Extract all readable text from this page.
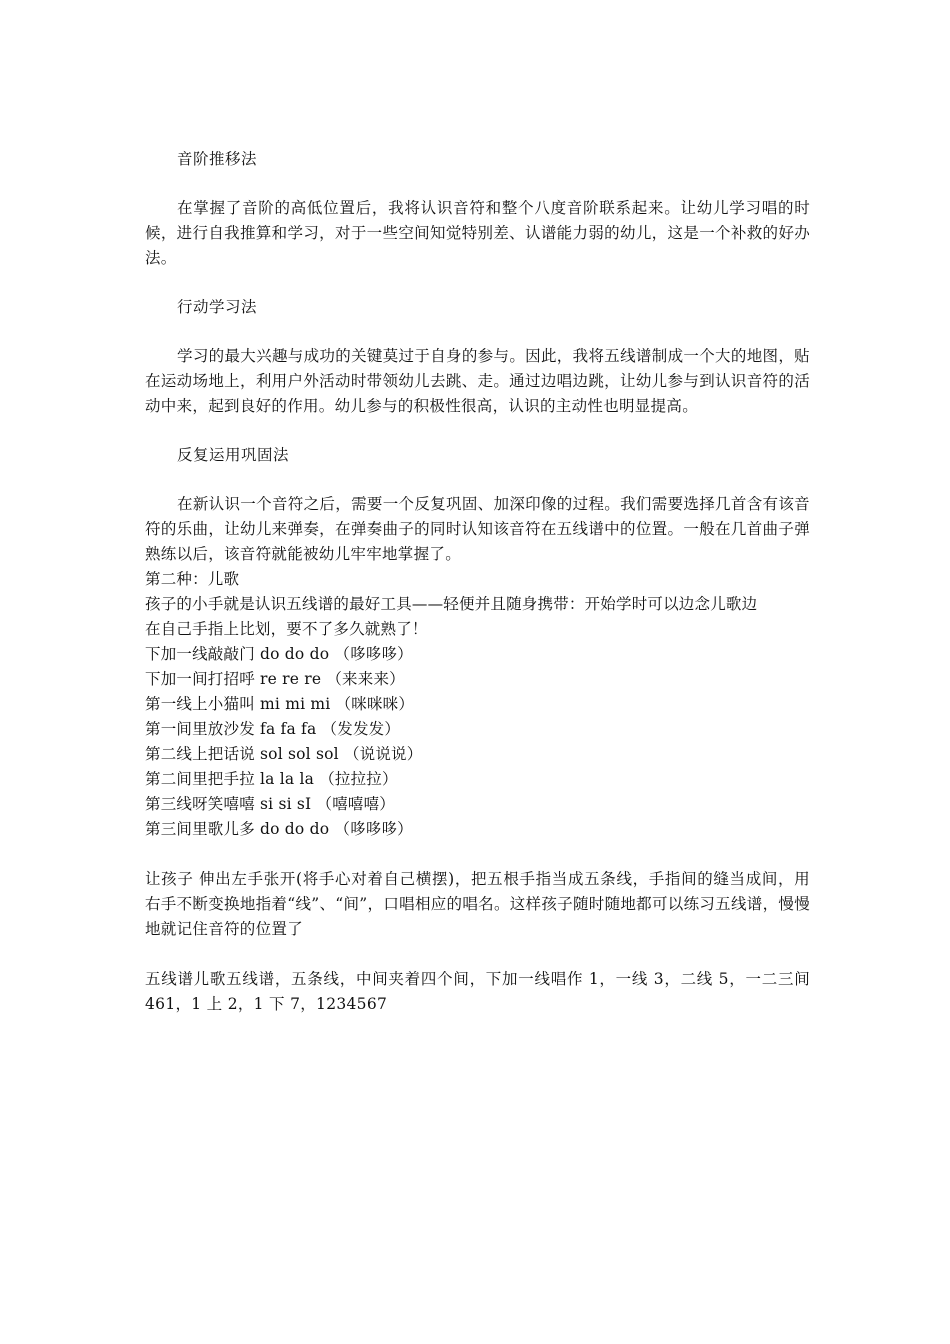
音阶推移法

在掌握了音阶的高低位置后，我将认识音符和整个八度音阶联系起来。让幼儿学习唱的时候，进行自我推算和学习，对于一些空间知觉特别差、认谱能力弱的幼儿，这是一个补救的好办法。

行动学习法

学习的最大兴趣与成功的关键莫过于自身的参与。因此，我将五线谱制成一个大的地图，贴在运动场地上，利用户外活动时带领幼儿去跳、走。通过边唱边跳，让幼儿参与到认识音符的活动中来，起到良好的作用。幼儿参与的积极性很高，认识的主动性也明显提高。

反复运用巩固法

在新认识一个音符之后，需要一个反复巩固、加深印像的过程。我们需要选择几首含有该音符的乐曲，让幼儿来弹奏，在弹奏曲子的同时认知该音符在五线谱中的位置。一般在几首曲子弹熟练以后，该音符就能被幼儿牢牢地掌握了。

第二种：儿歌

孩子的小手就是认识五线谱的最好工具——轻便并且随身携带：开始学时可以边念儿歌边

在自己手指上比划，要不了多久就熟了！

下加一线敲敲门 do do do （哆哆哆）

下加一间打招呼 re re re （来来来）

第一线上小猫叫 mi mi mi （咪咪咪）

第一间里放沙发 fa fa fa （发发发）

第二线上把话说 sol sol sol （说说说）

第二间里把手拉 la la la （拉拉拉）

第三线呀笑嘻嘻 si si sI （嘻嘻嘻）

第三间里歌儿多 do do do （哆哆哆）

让孩子 伸出左手张开(将手心对着自己横摆)，把五根手指当成五条线，手指间的缝当成间，用右手不断变换地指着“线”、“间”，口唱相应的唱名。这样孩子随时随地都可以练习五线谱，慢慢地就记住音符的位置了

五线谱儿歌五线谱，五条线，中间夹着四个间，下加一线唱作 1，一线 3，二线 5，一二三间 461，1 上 2，1 下 7，1234567
